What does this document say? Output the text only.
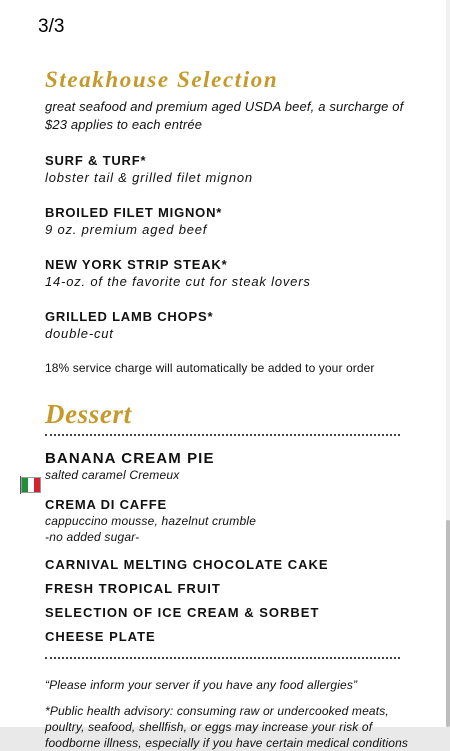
3/3
Steakhouse Selection
great seafood and premium aged USDA beef, a surcharge of $23 applies to each entrée
SURF & TURF*
lobster tail & grilled filet mignon
BROILED FILET MIGNON*
9 oz. premium aged beef
NEW YORK STRIP STEAK*
14-oz. of the favorite cut for steak lovers
GRILLED LAMB CHOPS*
double-cut
18% service charge will automatically be added to your order
Dessert
BANANA CREAM PIE
salted caramel Cremeux
CREMA DI CAFFE
cappuccino mousse, hazelnut crumble
-no added sugar-
CARNIVAL MELTING CHOCOLATE CAKE
FRESH TROPICAL FRUIT
SELECTION OF ICE CREAM & SORBET
CHEESE PLATE

“Please inform your server if you have any food allergies”

*Public health advisory: consuming raw or undercooked meats, poultry, seafood, shellfish, or eggs may increase your risk of foodborne illness, especially if you have certain medical conditions
